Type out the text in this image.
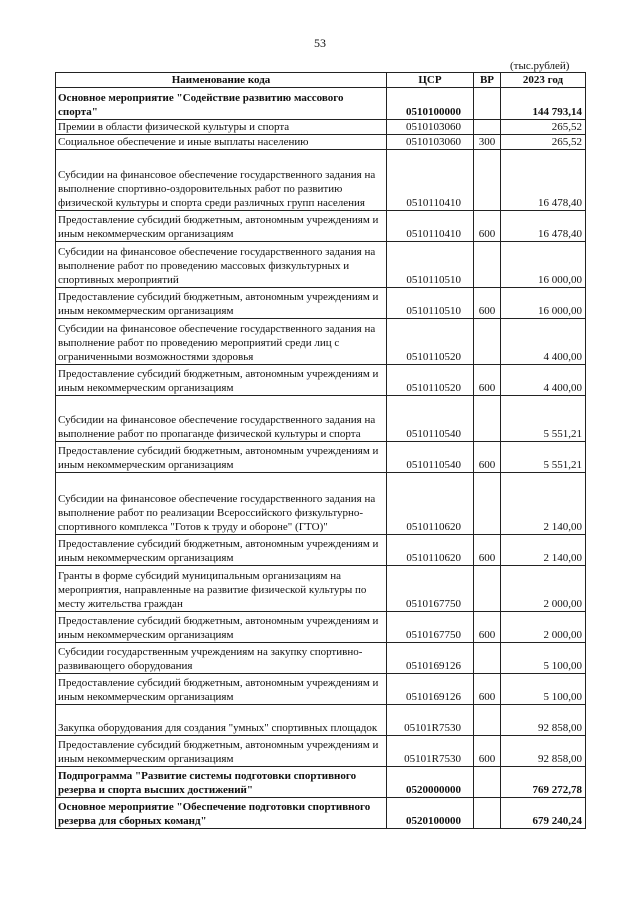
53
(тыс.рублей)
Наименование кода	ЦСР	ВР	2023 год
Основное мероприятие "Содействие развитию массового спорта"	0510100000		144 793,14
Премии в области физической культуры и спорта	0510103060		265,52
Социальное обеспечение и иные выплаты населению	0510103060	300	265,52
Субсидии на финансовое обеспечение государственного задания на выполнение спортивно-оздоровительных работ по развитию физической культуры и спорта среди различных групп населения	0510110410		16 478,40
Предоставление субсидий бюджетным, автономным учреждениям и иным некоммерческим организациям	0510110410	600	16 478,40
Субсидии на финансовое обеспечение государственного задания на выполнение работ по проведению массовых физкультурных и спортивных мероприятий	0510110510		16 000,00
Предоставление субсидий бюджетным, автономным учреждениям и иным некоммерческим организациям	0510110510	600	16 000,00
Субсидии на финансовое обеспечение государственного задания на выполнение работ по проведению мероприятий среди лиц с ограниченными возможностями здоровья	0510110520		4 400,00
Предоставление субсидий бюджетным, автономным учреждениям и иным некоммерческим организациям	0510110520	600	4 400,00
Субсидии на финансовое обеспечение государственного задания на выполнение работ по пропаганде физической культуры и спорта	0510110540		5 551,21
Предоставление субсидий бюджетным, автономным учреждениям и иным некоммерческим организациям	0510110540	600	5 551,21
Субсидии на финансовое обеспечение государственного задания на выполнение работ по реализации Всероссийского физкультурно-спортивного комплекса "Готов к труду и обороне" (ГТО)"	0510110620		2 140,00
Предоставление субсидий бюджетным, автономным учреждениям и иным некоммерческим организациям	0510110620	600	2 140,00
Гранты в форме субсидий муниципальным организациям на мероприятия, направленные на развитие физической культуры по месту жительства граждан	0510167750		2 000,00
Предоставление субсидий бюджетным, автономным учреждениям и иным некоммерческим организациям	0510167750	600	2 000,00
Субсидии государственным учреждениям на закупку спортивно-развивающего оборудования	0510169126		5 100,00
Предоставление субсидий бюджетным, автономным учреждениям и иным некоммерческим организациям	0510169126	600	5 100,00
Закупка оборудования для создания "умных" спортивных площадок	05101R7530		92 858,00
Предоставление субсидий бюджетным, автономным учреждениям и иным некоммерческим организациям	05101R7530	600	92 858,00
Подпрограмма "Развитие системы подготовки спортивного резерва и спорта высших достижений"	0520000000		769 272,78
Основное мероприятие "Обеспечение подготовки спортивного резерва для сборных команд"	0520100000		679 240,24
